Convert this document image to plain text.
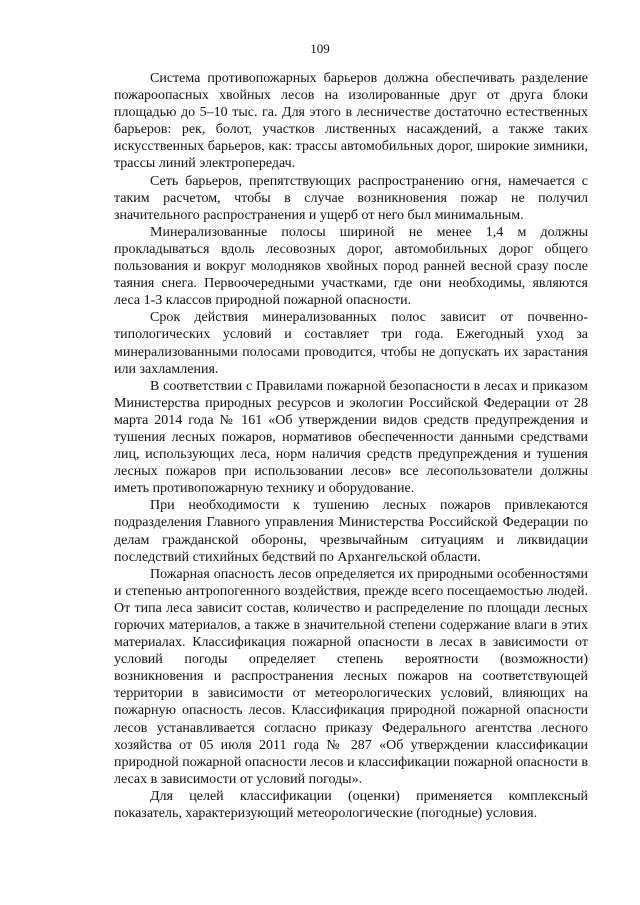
109

Система противопожарных барьеров должна обеспечивать разделение пожароопасных хвойных лесов на изолированные друг от друга блоки площадью до 5–10 тыс. га. Для этого в лесничестве достаточно естественных барьеров: рек, болот, участков лиственных насаждений, а также таких искусственных барьеров, как: трассы автомобильных дорог, широкие зимники, трассы линий электропередач.

Сеть барьеров, препятствующих распространению огня, намечается с таким расчетом, чтобы в случае возникновения пожар не получил значительного распространения и ущерб от него был минимальным.

Минерализованные полосы шириной не менее 1,4 м должны прокладываться вдоль лесовозных дорог, автомобильных дорог общего пользования и вокруг молодняков хвойных пород ранней весной сразу после таяния снега. Первоочередными участками, где они необходимы, являются леса 1-3 классов природной пожарной опасности.

Срок действия минерализованных полос зависит от почвенно-типологических условий и составляет три года. Ежегодный уход за минерализованными полосами проводится, чтобы не допускать их зарастания или захламления.

В соответствии с Правилами пожарной безопасности в лесах и приказом Министерства природных ресурсов и экологии Российской Федерации от 28 марта 2014 года № 161 «Об утверждении видов средств предупреждения и тушения лесных пожаров, нормативов обеспеченности данными средствами лиц, использующих леса, норм наличия средств предупреждения и тушения лесных пожаров при использовании лесов» все лесопользователи должны иметь противопожарную технику и оборудование.

При необходимости к тушению лесных пожаров привлекаются подразделения Главного управления Министерства Российской Федерации по делам гражданской обороны, чрезвычайным ситуациям и ликвидации последствий стихийных бедствий по Архангельской области.

Пожарная опасность лесов определяется их природными особенностями и степенью антропогенного воздействия, прежде всего посещаемостью людей. От типа леса зависит состав, количество и распределение по площади лесных горючих материалов, а также в значительной степени содержание влаги в этих материалах. Классификация пожарной опасности в лесах в зависимости от условий погоды определяет степень вероятности (возможности) возникновения и распространения лесных пожаров на соответствующей территории в зависимости от метеорологических условий, влияющих на пожарную опасность лесов. Классификация природной пожарной опасности лесов устанавливается согласно приказу Федерального агентства лесного хозяйства от 05 июля 2011 года № 287 «Об утверждении классификации природной пожарной опасности лесов и классификации пожарной опасности в лесах в зависимости от условий погоды».

Для целей классификации (оценки) применяется комплексный показатель, характеризующий метеорологические (погодные) условия.
